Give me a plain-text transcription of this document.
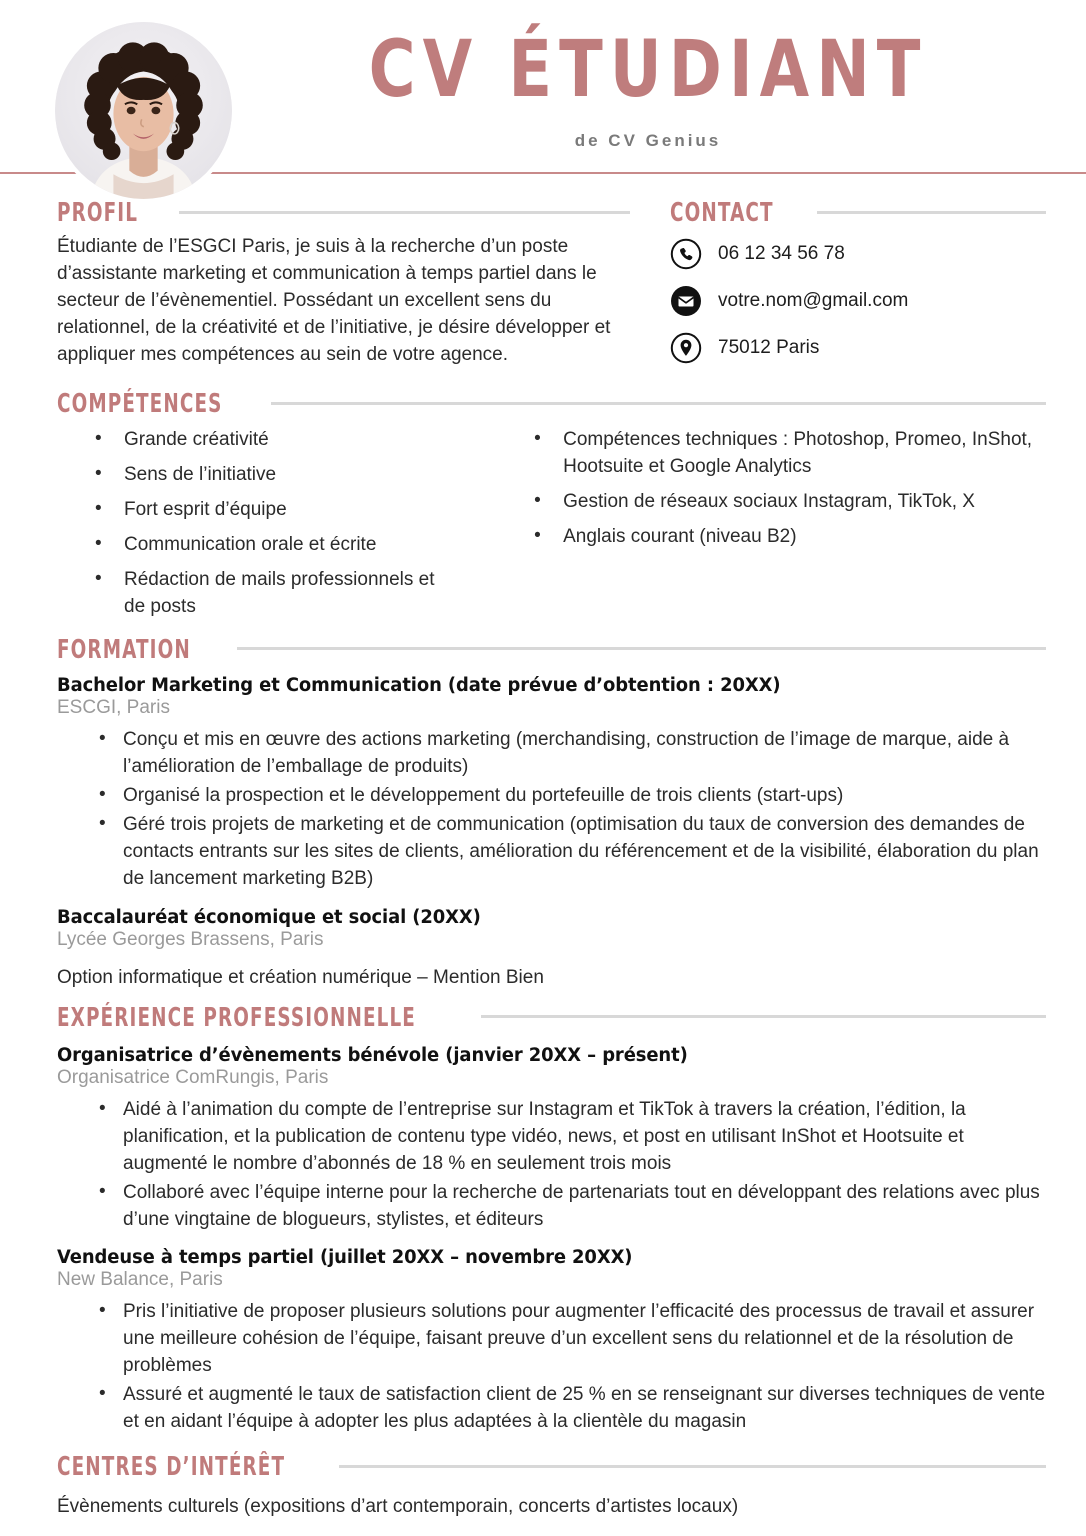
CV ÉTUDIANT
de CV Genius
PROFIL

Étudiante de l’ESGCI Paris, je suis à la recherche d’un poste d’assistante marketing et communication à temps partiel dans le secteur de l’évènementiel. Possédant un excellent sens du relationnel, de la créativité et de l’initiative, je désire développer et appliquer mes compétences au sein de votre agence.

CONTACT
06 12 34 56 78
votre.nom@gmail.com
75012 Paris
COMPÉTENCES
• Grande créativité
• Sens de l’initiative
• Fort esprit d’équipe
• Communication orale et écrite
• Rédaction de mails professionnels et de posts
• Compétences techniques : Photoshop, Promeo, InShot, Hootsuite et Google Analytics
• Gestion de réseaux sociaux Instagram, TikTok, X
• Anglais courant (niveau B2)
FORMATION
Bachelor Marketing et Communication (date prévue d’obtention : 20XX)
ESCGI, Paris
• Conçu et mis en œuvre des actions marketing (merchandising, construction de l’image de marque, aide à l’amélioration de l’emballage de produits)
• Organisé la prospection et le développement du portefeuille de trois clients (start-ups)
• Géré trois projets de marketing et de communication (optimisation du taux de conversion des demandes de contacts entrants sur les sites de clients, amélioration du référencement et de la visibilité, élaboration du plan de lancement marketing B2B)
Baccalauréat économique et social (20XX)
Lycée Georges Brassens, Paris
Option informatique et création numérique – Mention Bien
EXPÉRIENCE PROFESSIONNELLE
Organisatrice d’évènements bénévole (janvier 20XX – présent)
Organisatrice ComRungis, Paris
• Aidé à l’animation du compte de l’entreprise sur Instagram et TikTok à travers la création, l’édition, la planification, et la publication de contenu type vidéo, news, et post en utilisant InShot et Hootsuite et augmenté le nombre d’abonnés de 18 % en seulement trois mois
• Collaboré avec l’équipe interne pour la recherche de partenariats tout en développant des relations avec plus d’une vingtaine de blogueurs, stylistes, et éditeurs
Vendeuse à temps partiel (juillet 20XX – novembre 20XX)
New Balance, Paris
• Pris l’initiative de proposer plusieurs solutions pour augmenter l’efficacité des processus de travail et assurer une meilleure cohésion de l’équipe, faisant preuve d’un excellent sens du relationnel et de la résolution de problèmes
• Assuré et augmenté le taux de satisfaction client de 25 % en se renseignant sur diverses techniques de vente et en aidant l’équipe à adopter les plus adaptées à la clientèle du magasin
CENTRES D’INTÉRÊT
Évènements culturels (expositions d’art contemporain, concerts d’artistes locaux)
